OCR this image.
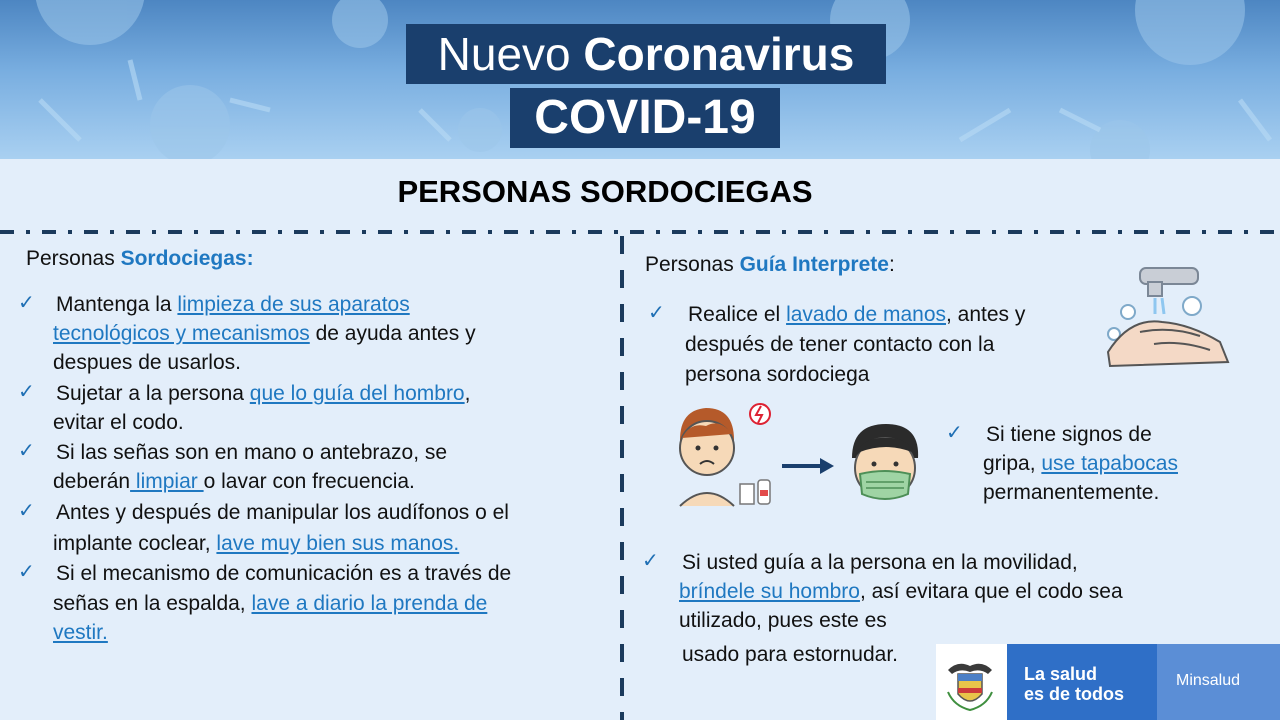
Nuevo Coronavirus
COVID-19
PERSONAS SORDOCIEGAS
Personas Sordociegas:
✓ Mantenga la limpieza de sus aparatos
tecnológicos y mecanismos de ayuda antes y
despues de usarlos.
✓ Sujetar a la persona que lo guía del hombro,
evitar el codo.
✓ Si las señas son en mano o antebrazo, se
deberán limpiar o lavar con frecuencia.
✓ Antes y después de manipular los audífonos o el
implante coclear, lave muy bien sus manos.
✓ Si el mecanismo de comunicación es a través de
señas en la espalda, lave a diario la prenda de
vestir.
Personas Guía Interprete:
✓ Realice el lavado de manos, antes y
después de tener contacto con la
persona sordociega
✓ Si tiene signos de
gripa, use tapabocas
permanentemente.
✓ Si usted guía a la persona en la movilidad,
bríndele su hombro, así evitara que el codo sea
utilizado, pues este es
usado para estornudar.
La salud
es de todos
Minsalud
